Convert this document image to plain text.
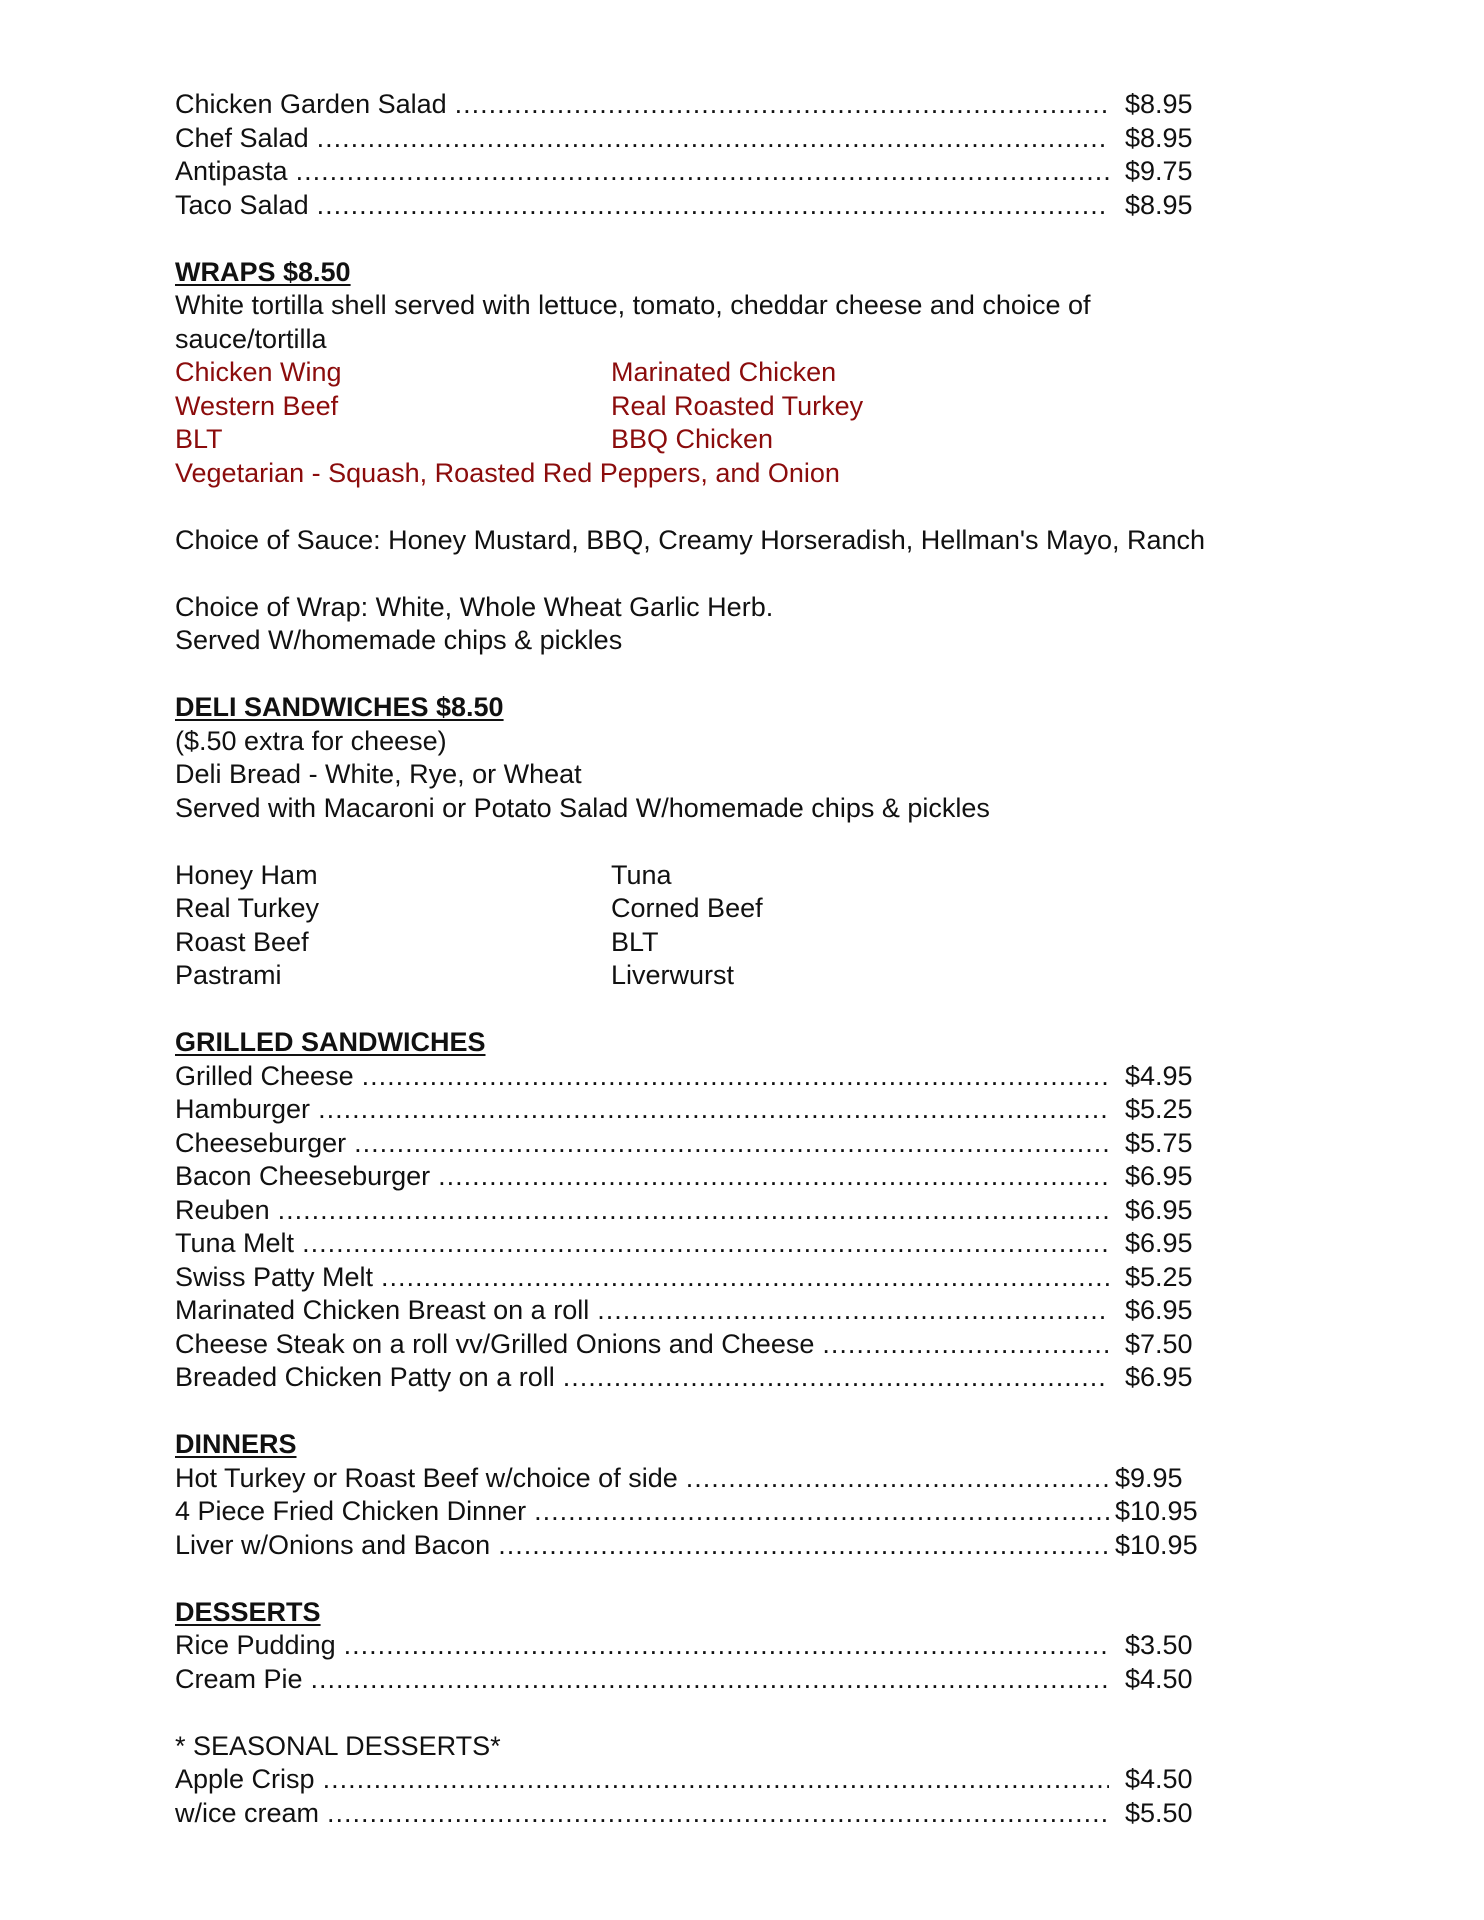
Chicken Garden Salad .....	$8.95
Chef Salad .....	$8.95
Antipasta .....	$9.75
Taco Salad .....	$8.95
WRAPS $8.50
White tortilla shell served with lettuce, tomato, cheddar cheese and choice of sauce/tortilla
Chicken Wing	Marinated Chicken
Western Beef	Real Roasted Turkey
BLT	BBQ Chicken
Vegetarian - Squash, Roasted Red Peppers, and Onion
Choice of Sauce: Honey Mustard, BBQ, Creamy Horseradish, Hellman's Mayo, Ranch
Choice of Wrap: White, Whole Wheat Garlic Herb.
Served W/homemade chips & pickles
DELI SANDWICHES $8.50
($.50 extra for cheese)
Deli Bread - White, Rye, or Wheat
Served with Macaroni or Potato Salad W/homemade chips & pickles
Honey Ham	Tuna
Real Turkey	Corned Beef
Roast Beef	BLT
Pastrami	Liverwurst
GRILLED SANDWICHES
Grilled Cheese .....	$4.95
Hamburger .....	$5.25
Cheeseburger .....	$5.75
Bacon Cheeseburger .....	$6.95
Reuben .....	$6.95
Tuna Melt .....	$6.95
Swiss Patty Melt .....	$5.25
Marinated Chicken Breast on a roll .....	$6.95
Cheese Steak on a roll vv/Grilled Onions and Cheese .....	$7.50
Breaded Chicken Patty on a roll .....	$6.95
DINNERS
Hot Turkey or Roast Beef w/choice of side .....	$9.95
4 Piece Fried Chicken Dinner .....	$10.95
Liver w/Onions and Bacon .....	$10.95
DESSERTS
Rice Pudding .....	$3.50
Cream Pie .....	$4.50
* SEASONAL DESSERTS*
Apple Crisp .....	$4.50
w/ice cream .....	$5.50
